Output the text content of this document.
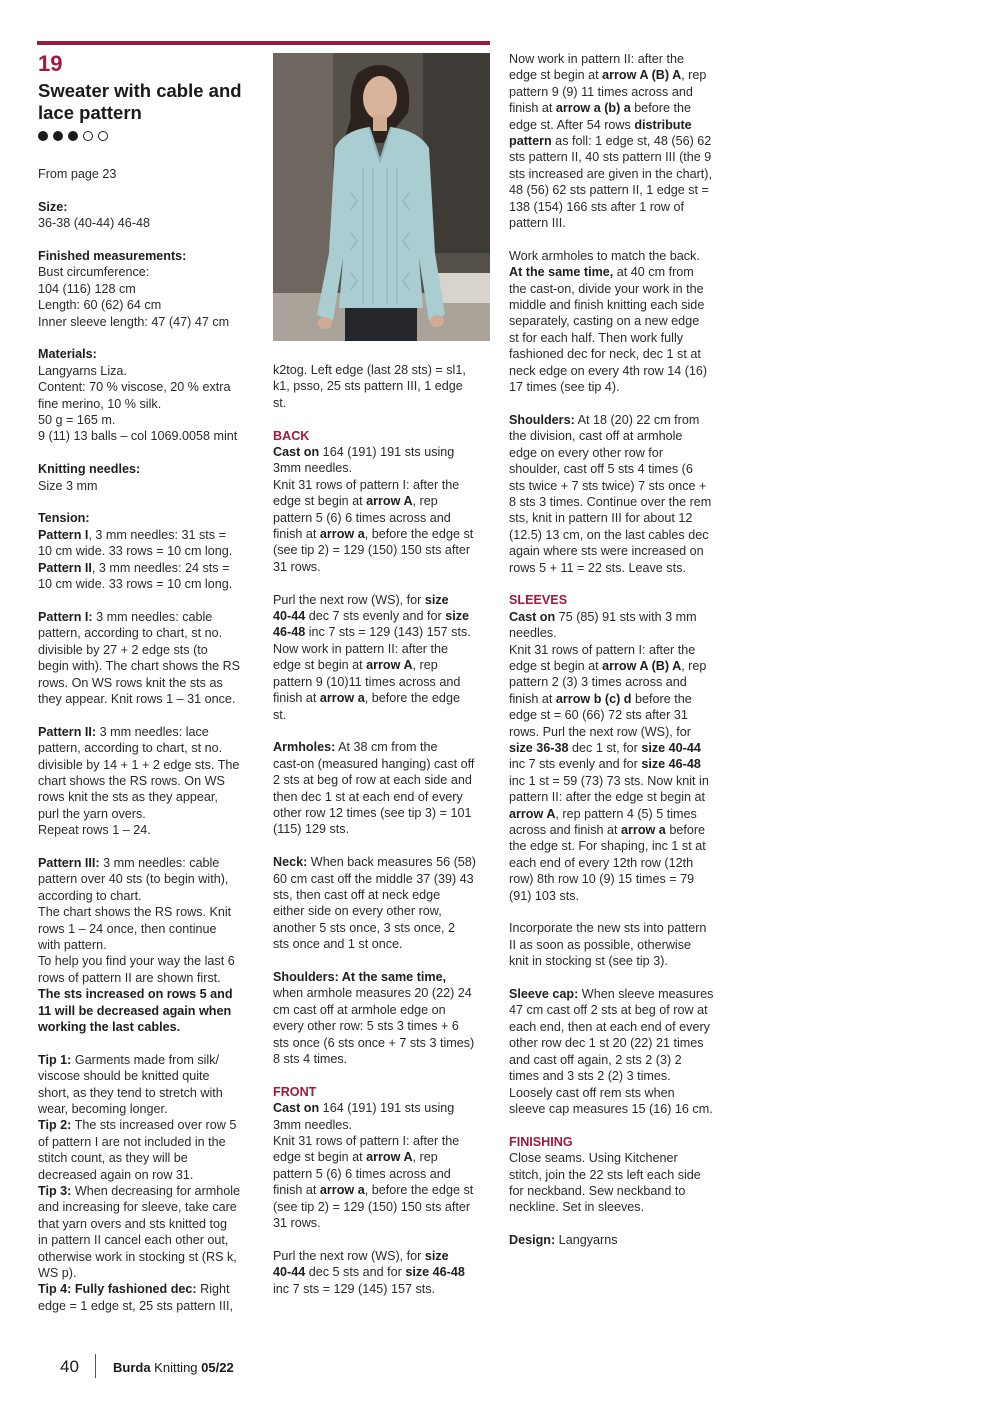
19
Sweater with cable and lace pattern

From page 23

Size:

36-38 (40-44) 46-48

Finished measurements:

Bust circumference:

104 (116) 128 cm

Length: 60 (62) 64 cm

Inner sleeve length: 47 (47) 47 cm

Materials:

Langyarns Liza.

Content: 70 % viscose, 20 % extra

fine merino, 10 % silk.

50 g = 165 m.

9 (11) 13 balls – col 1069.0058 mint

Knitting needles:

Size 3 mm

Tension:

Pattern I, 3 mm needles: 31 sts =

10 cm wide. 33 rows = 10 cm long.

Pattern II, 3 mm needles: 24 sts =

10 cm wide. 33 rows = 10 cm long.

Pattern I: 3 mm needles: cable

pattern, according to chart, st no.

divisible by 27 + 2 edge sts (to

begin with). The chart shows the RS

rows. On WS rows knit the sts as

they appear. Knit rows 1 – 31 once.

Pattern II: 3 mm needles: lace

pattern, according to chart, st no.

divisible by 14 + 1 + 2 edge sts. The

chart shows the RS rows. On WS

rows knit the sts as they appear,

purl the yarn overs.

Repeat rows 1 – 24.

Pattern III: 3 mm needles: cable

pattern over 40 sts (to begin with),

according to chart.

The chart shows the RS rows. Knit

rows 1 – 24 once, then continue

with pattern.

To help you find your way the last 6

rows of pattern II are shown first.

The sts increased on rows 5 and

11 will be decreased again when

working the last cables.

Tip 1: Garments made from silk/

viscose should be knitted quite

short, as they tend to stretch with

wear, becoming longer.

Tip 2: The sts increased over row 5

of pattern I are not included in the

stitch count, as they will be

decreased again on row 31.

Tip 3: When decreasing for armhole

and increasing for sleeve, take care

that yarn overs and sts knitted tog

in pattern II cancel each other out,

otherwise work in stocking st (RS k,

WS p).

Tip 4: Fully fashioned dec: Right

edge = 1 edge st, 25 sts pattern III,

k2tog. Left edge (last 28 sts) = sl1,

k1, psso, 25 sts pattern III, 1 edge

st.

BACK

Cast on 164 (191) 191 sts using

3mm needles.

Knit 31 rows of pattern I: after the

edge st begin at arrow A, rep

pattern 5 (6) 6 times across and

finish at arrow a, before the edge st

(see tip 2) = 129 (150) 150 sts after

31 rows.

Purl the next row (WS), for size

40-44 dec 7 sts evenly and for size

46-48 inc 7 sts = 129 (143) 157 sts.

Now work in pattern II: after the

edge st begin at arrow A, rep

pattern 9 (10)11 times across and

finish at arrow a, before the edge

st.

Armholes: At 38 cm from the

cast-on (measured hanging) cast off

2 sts at beg of row at each side and

then dec 1 st at each end of every

other row 12 times (see tip 3) = 101

(115) 129 sts.

Neck: When back measures 56 (58)

60 cm cast off the middle 37 (39) 43

sts, then cast off at neck edge

either side on every other row,

another 5 sts once, 3 sts once, 2

sts once and 1 st once.

Shoulders: At the same time,

when armhole measures 20 (22) 24

cm cast off at armhole edge on

every other row: 5 sts 3 times + 6

sts once (6 sts once + 7 sts 3 times)

8 sts 4 times.

FRONT

Cast on 164 (191) 191 sts using

3mm needles.

Knit 31 rows of pattern I: after the

edge st begin at arrow A, rep

pattern 5 (6) 6 times across and

finish at arrow a, before the edge st

(see tip 2) = 129 (150) 150 sts after

31 rows.

Purl the next row (WS), for size

40-44 dec 5 sts and for size 46-48

inc 7 sts = 129 (145) 157 sts.

Now work in pattern II: after the

edge st begin at arrow A (B) A, rep

pattern 9 (9) 11 times across and

finish at arrow a (b) a before the

edge st. After 54 rows distribute

pattern as foll: 1 edge st, 48 (56) 62

sts pattern II, 40 sts pattern III (the 9

sts increased are given in the chart),

48 (56) 62 sts pattern II, 1 edge st =

138 (154) 166 sts after 1 row of

pattern III.

Work armholes to match the back.

At the same time, at 40 cm from

the cast-on, divide your work in the

middle and finish knitting each side

separately, casting on a new edge

st for each half. Then work fully

fashioned dec for neck, dec 1 st at

neck edge on every 4th row 14 (16)

17 times (see tip 4).

Shoulders: At 18 (20) 22 cm from

the division, cast off at armhole

edge on every other row for

shoulder, cast off 5 sts 4 times (6

sts twice + 7 sts twice) 7 sts once +

8 sts 3 times. Continue over the rem

sts, knit in pattern III for about 12

(12.5) 13 cm, on the last cables dec

again where sts were increased on

rows 5 + 11 = 22 sts. Leave sts.

SLEEVES

Cast on 75 (85) 91 sts with 3 mm

needles.

Knit 31 rows of pattern I: after the

edge st begin at arrow A (B) A, rep

pattern 2 (3) 3 times across and

finish at arrow b (c) d before the

edge st = 60 (66) 72 sts after 31

rows. Purl the next row (WS), for

size 36-38 dec 1 st, for size 40-44

inc 7 sts evenly and for size 46-48

inc 1 st = 59 (73) 73 sts. Now knit in

pattern II: after the edge st begin at

arrow A, rep pattern 4 (5) 5 times

across and finish at arrow a before

the edge st. For shaping, inc 1 st at

each end of every 12th row (12th

row) 8th row 10 (9) 15 times = 79

(91) 103 sts.

Incorporate the new sts into pattern

II as soon as possible, otherwise

knit in stocking st (see tip 3).

Sleeve cap: When sleeve measures

47 cm cast off 2 sts at beg of row at

each end, then at each end of every

other row dec 1 st 20 (22) 21 times

and cast off again, 2 sts 2 (3) 2

times and 3 sts 2 (2) 3 times.

Loosely cast off rem sts when

sleeve cap measures 15 (16) 16 cm.

FINISHING

Close seams. Using Kitchener

stitch, join the 22 sts left each side

for neckband. Sew neckband to

neckline. Set in sleeves.

Design: Langyarns

40	Burda Knitting 05/22
